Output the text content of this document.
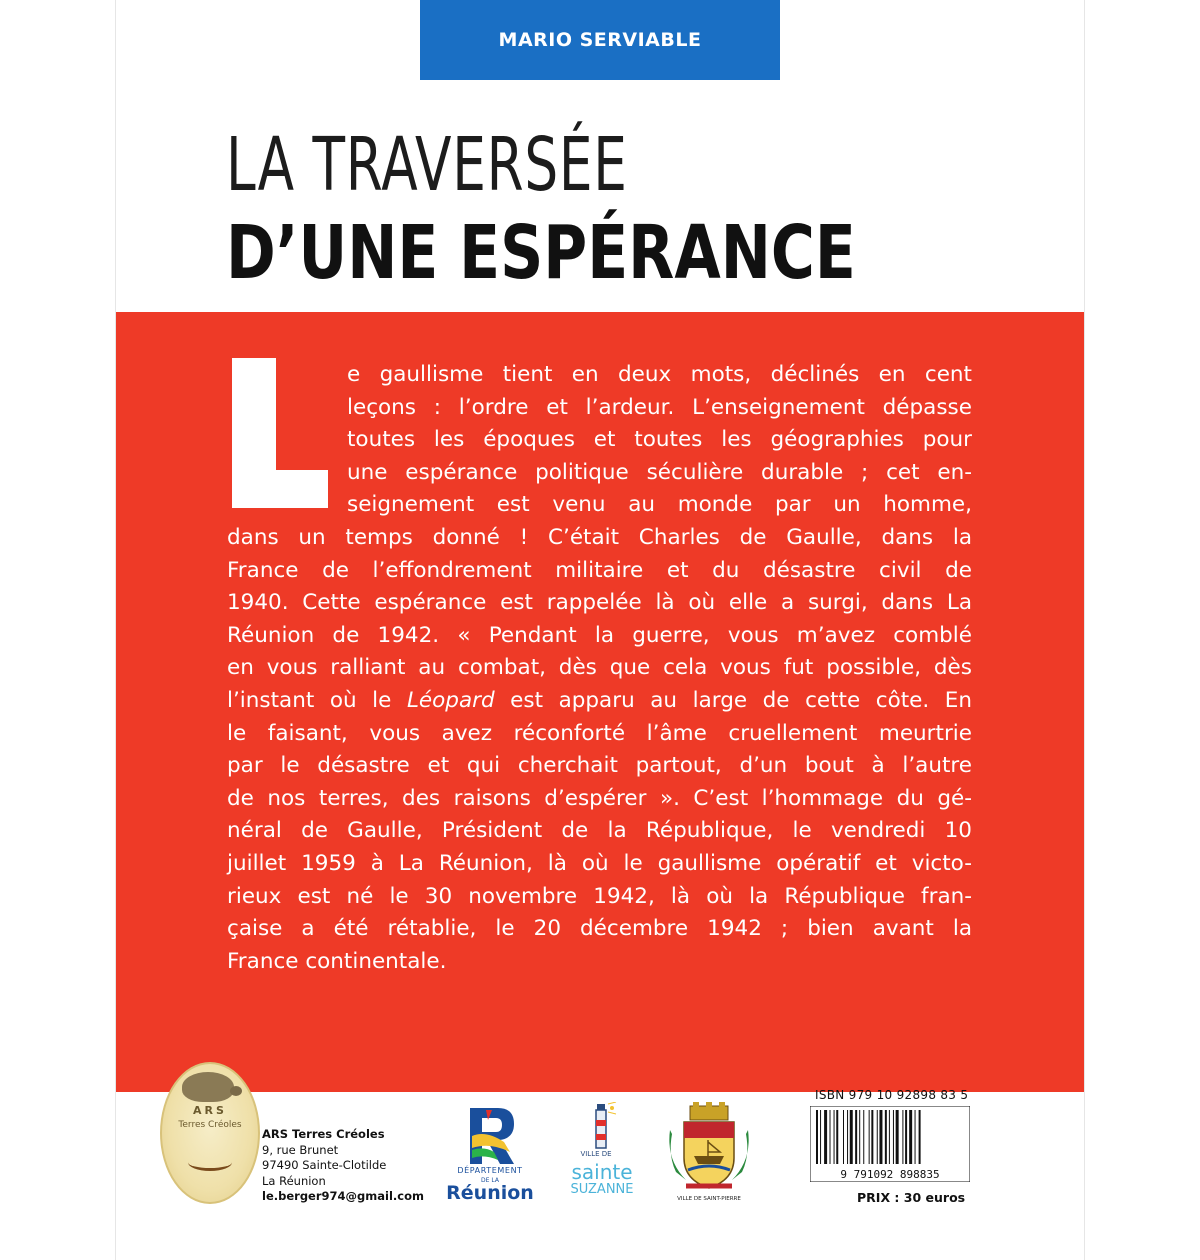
MARIO SERVIABLE
LA TRAVERSÉE
D’UNE ESPÉRANCE
e gaullisme tient en deux mots, déclinés en cent
leçons : l’ordre et l’ardeur. L’enseignement dépasse
toutes les époques et toutes les géographies pour
une espérance politique séculière durable ; cet en-
seignement est venu au monde par un homme,
dans un temps donné ! C’était Charles de Gaulle, dans la
France de l’effondrement militaire et du désastre civil de
1940. Cette espérance est rappelée là où elle a surgi, dans La
Réunion de 1942. « Pendant la guerre, vous m’avez comblé
en vous ralliant au combat, dès que cela vous fut possible, dès
l’instant où le Léopard est apparu au large de cette côte. En
le faisant, vous avez réconforté l’âme cruellement meurtrie
par le désastre et qui cherchait partout, d’un bout à l’autre
de nos terres, des raisons d’espérer ». C’est l’hommage du gé-
néral de Gaulle, Président de la République, le vendredi 10
juillet 1959 à La Réunion, là où le gaullisme opératif et victo-
rieux est né le 30 novembre 1942, là où la République fran-
çaise a été rétablie, le 20 décembre 1942 ; bien avant la
France continentale.
ARS
Terres Créoles
ARS Terres Créoles
9, rue Brunet
97490 Sainte-Clotilde
La Réunion
le.berger974@gmail.com
DÉPARTEMENT
DE LA
Réunion
VILLE DE
sainte
SUZANNE
VILLE DE SAINT-PIERRE
ISBN 979 10 92898 83 5
9 791092 898835
PRIX : 30 euros
